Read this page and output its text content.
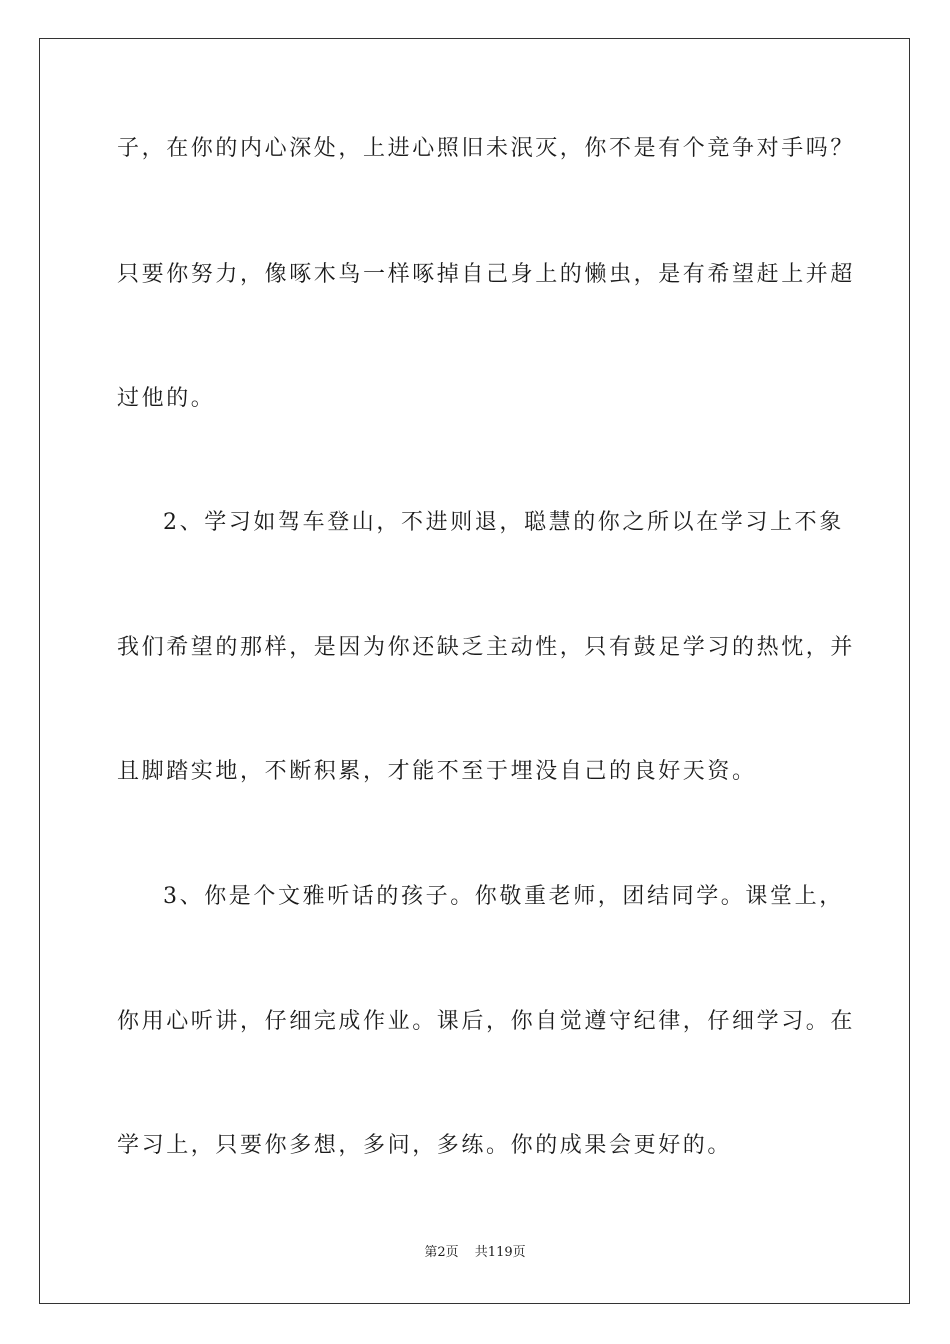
子，在你的内心深处，上进心照旧未泯灭，你不是有个竞争对手吗？
只要你努力，像啄木鸟一样啄掉自己身上的懒虫，是有希望赶上并超
过他的。
2、学习如驾车登山，不进则退，聪慧的你之所以在学习上不象
我们希望的那样，是因为你还缺乏主动性，只有鼓足学习的热忱，并
且脚踏实地，不断积累，才能不至于埋没自己的良好天资。
3、你是个文雅听话的孩子。你敬重老师，团结同学。课堂上，
你用心听讲，仔细完成作业。课后，你自觉遵守纪律，仔细学习。在
学习上，只要你多想，多问，多练。你的成果会更好的。
第2页 共119页
